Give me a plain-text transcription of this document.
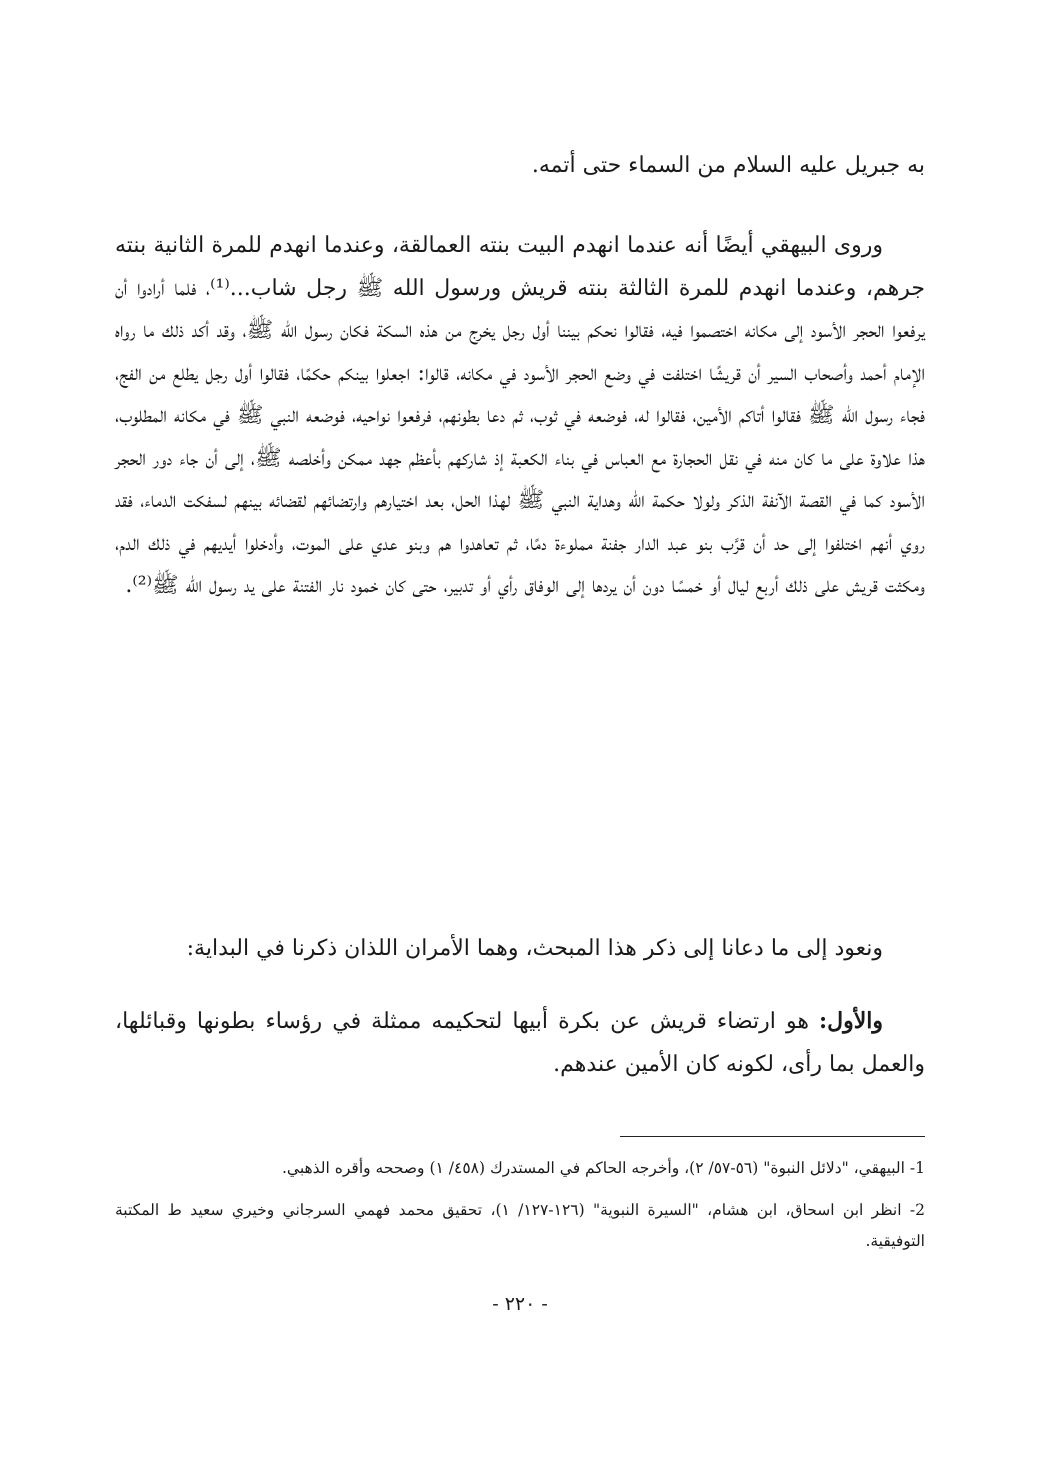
به جبريل عليه السلام من السماء حتى أتمه.

وروى البيهقي أيضًا أنه عندما انهدم البيت بنته العمالقة، وعندما انهدم للمرة الثانية بنته جرهم، وعندما انهدم للمرة الثالثة بنته قريش ورسول الله ﷺ رجل شاب...⁽¹⁾، فلما أرادوا أن يرفعوا الحجر الأسود إلى مكانه اختصموا فيه، فقالوا نحكم بيننا أول رجل يخرج من هذه السكة فكان رسول الله ﷺ، وقد أكد ذلك ما رواه الإمام أحمد وأصحاب السير أن قريشًا اختلفت في وضع الحجر الأسود في مكانه، قالوا: اجعلوا بينكم حكمًا، فقالوا أول رجل يطلع من الفج، فجاء رسول الله ﷺ فقالوا أتاكم الأمين، فقالوا له، فوضعه في ثوب، ثم دعا بطونهم، فرفعوا نواحيه، فوضعه النبي ﷺ في مكانه المطلوب، هذا علاوة على ما كان منه في نقل الحجارة مع العباس في بناء الكعبة إذ شاركهم بأعظم جهد ممكن وأخلصه ﷺ، إلى أن جاء دور الحجر الأسود كما في القصة الآنفة الذكر ولولا حكمة الله وهداية النبي ﷺ لهذا الحل، بعد اختيارهم وارتضائهم لقضائه بينهم لسفكت الدماء، فقد روي أنهم اختلفوا إلى حد أن قرَّب بنو عبد الدار جفنة مملوءة دمًا، ثم تعاهدوا هم وبنو عدي على الموت، وأدخلوا أيديهم في ذلك الدم، ومكثت قريش على ذلك أربع ليال أو خمسًا دون أن يردها إلى الوفاق رأي أو تدبير، حتى كان خمود نار الفتنة على يد رسول الله ﷺ⁽²⁾.

ونعود إلى ما دعانا إلى ذكر هذا المبحث، وهما الأمران اللذان ذكرنا في البداية:

والأول: هو ارتضاء قريش عن بكرة أبيها لتحكيمه ممثلة في رؤساء بطونها وقبائلها، والعمل بما رأى، لكونه كان الأمين عندهم.

1- البيهقي، "دلائل النبوة" (٥٦-٥٧/ ٢)، وأخرجه الحاكم في المستدرك (٤٥٨/ ١) وصححه وأقره الذهبي.

2- انظر ابن اسحاق، ابن هشام، "السيرة النبوية" (١٢٦-١٢٧/ ١)، تحقيق محمد فهمي السرجاني وخيري سعيد ط المكتبة التوفيقية.

- ٢٢٠ -
